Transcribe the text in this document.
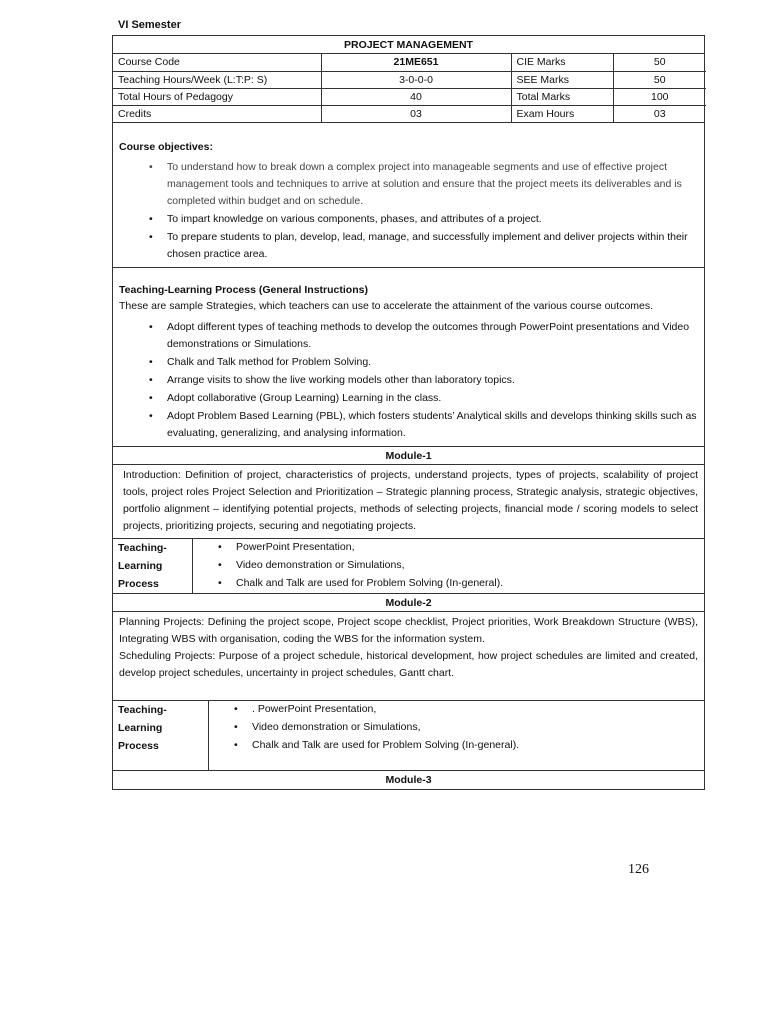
VI Semester
PROJECT MANAGEMENT
Course Code	21ME651	CIE Marks	50
Teaching Hours/Week (L:T:P: S)	3-0-0-0	SEE Marks	50
Total Hours of Pedagogy	40	Total Marks	100
Credits	03	Exam Hours	03
Course objectives:
• To understand how to break down a complex project into manageable segments and use of effective project management tools and techniques to arrive at solution and ensure that the project meets its deliverables and is completed within budget and on schedule.
• To impart knowledge on various components, phases, and attributes of a project.
• To prepare students to plan, develop, lead, manage, and successfully implement and deliver projects within their chosen practice area.
Teaching-Learning Process (General Instructions)
These are sample Strategies, which teachers can use to accelerate the attainment of the various course outcomes.
• Adopt different types of teaching methods to develop the outcomes through PowerPoint presentations and Video demonstrations or Simulations.
• Chalk and Talk method for Problem Solving.
• Arrange visits to show the live working models other than laboratory topics.
• Adopt collaborative (Group Learning) Learning in the class.
• Adopt Problem Based Learning (PBL), which fosters students’ Analytical skills and develops thinking skills such as evaluating, generalizing, and analysing information.
Module-1
Introduction: Definition of project, characteristics of projects, understand projects, types of projects, scalability of project tools, project roles Project Selection and Prioritization – Strategic planning process, Strategic analysis, strategic objectives, portfolio alignment – identifying potential projects, methods of selecting projects, financial mode / scoring models to select projects, prioritizing projects, securing and negotiating projects.
Teaching-Learning Process
• PowerPoint Presentation,
• Video demonstration or Simulations,
• Chalk and Talk are used for Problem Solving (In-general).
Module-2
Planning Projects: Defining the project scope, Project scope checklist, Project priorities, Work Breakdown Structure (WBS), Integrating WBS with organisation, coding the WBS for the information system.
Scheduling Projects: Purpose of a project schedule, historical development, how project schedules are limited and created, develop project schedules, uncertainty in project schedules, Gantt chart.
Teaching-Learning Process
• . PowerPoint Presentation,
• Video demonstration or Simulations,
• Chalk and Talk are used for Problem Solving (In-general).
Module-3
126
